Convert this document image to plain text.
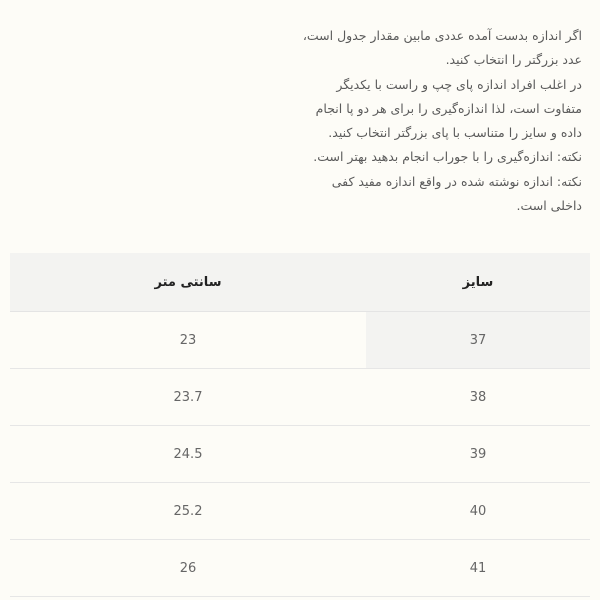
اگر اندازه بدست آمده عددی مابین مقدار جدول است،
عدد بزرگتر را انتخاب کنید.
در اغلب افراد اندازه پای چپ و راست با یکدیگر
متفاوت است، لذا اندازه‌گیری را برای هر دو پا انجام
داده و سایز را متناسب با پای بزرگتر انتخاب کنید.
نکته: اندازه‌گیری را با جوراب انجام بدهید بهتر است.
نکته: اندازه نوشته شده در واقع اندازه مفید کفی
داخلی است.
سایز	سانتی متر
37	23
38	23.7
39	24.5
40	25.2
41	26
